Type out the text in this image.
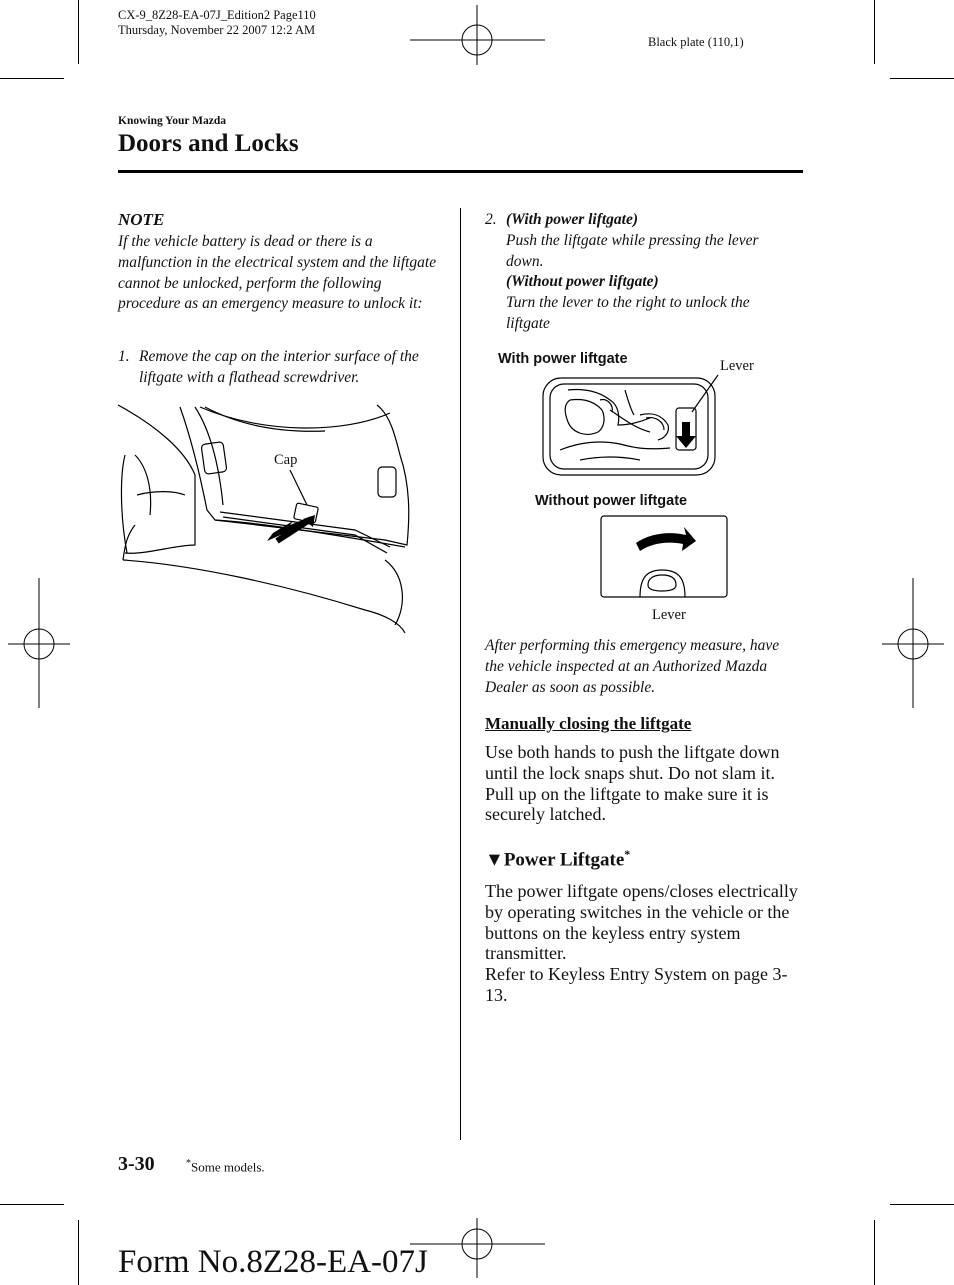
CX-9_8Z28-EA-07J_Edition2 Page110
Thursday, November 22 2007 12:2 AM
Black plate (110,1)
Knowing Your Mazda
Doors and Locks
NOTE
If the vehicle battery is dead or there is a malfunction in the electrical system and the liftgate cannot be unlocked, perform the following procedure as an emergency measure to unlock it:
1. Remove the cap on the interior surface of the liftgate with a flathead screwdriver.
Cap
2. (With power liftgate)
Push the liftgate while pressing the lever down.
(Without power liftgate)
Turn the lever to the right to unlock the liftgate
With power liftgate	Lever
Without power liftgate
Lever
After performing this emergency measure, have the vehicle inspected at an Authorized Mazda Dealer as soon as possible.
Manually closing the liftgate
Use both hands to push the liftgate down until the lock snaps shut. Do not slam it. Pull up on the liftgate to make sure it is securely latched.
▼Power Liftgate*
The power liftgate opens/closes electrically by operating switches in the vehicle or the buttons on the keyless entry system transmitter.
Refer to Keyless Entry System on page 3-13.
3-30	*Some models.
Form No.8Z28-EA-07J
